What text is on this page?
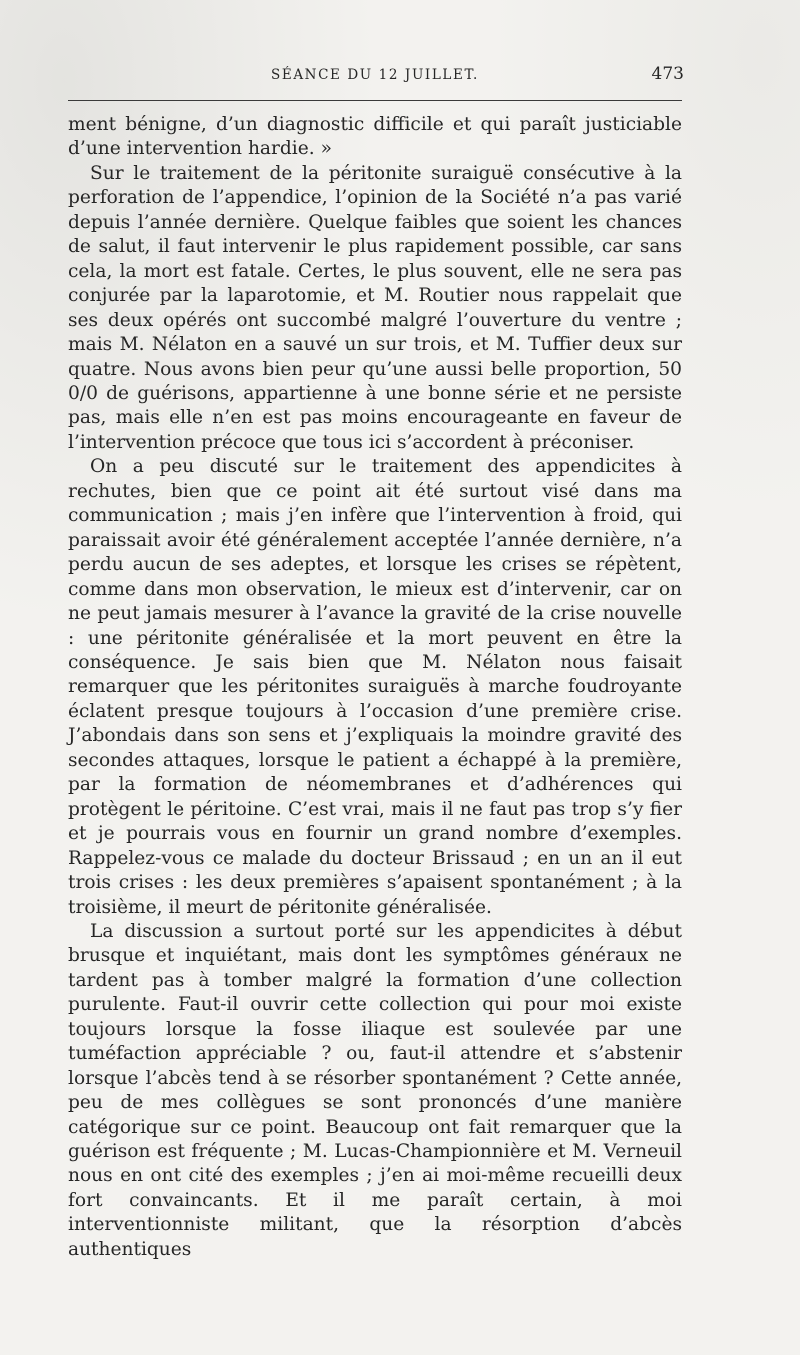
SÉANCE DU 12 JUILLET.	473

ment bénigne, d’un diagnostic difficile et qui paraît justiciable d’une intervention hardie. »

Sur le traitement de la péritonite suraiguë consécutive à la perforation de l’appendice, l’opinion de la Société n’a pas varié depuis l’année dernière. Quelque faibles que soient les chances de salut, il faut intervenir le plus rapidement possible, car sans cela, la mort est fatale. Certes, le plus souvent, elle ne sera pas conjurée par la laparotomie, et M. Routier nous rappelait que ses deux opérés ont succombé malgré l’ouverture du ventre ; mais M. Nélaton en a sauvé un sur trois, et M. Tuffier deux sur quatre. Nous avons bien peur qu’une aussi belle proportion, 50 0/0 de guérisons, appartienne à une bonne série et ne persiste pas, mais elle n’en est pas moins encourageante en faveur de l’intervention précoce que tous ici s’accordent à préconiser.

On a peu discuté sur le traitement des appendicites à rechutes, bien que ce point ait été surtout visé dans ma communication ; mais j’en infère que l’intervention à froid, qui paraissait avoir été généralement acceptée l’année dernière, n’a perdu aucun de ses adeptes, et lorsque les crises se répètent, comme dans mon observation, le mieux est d’intervenir, car on ne peut jamais mesurer à l’avance la gravité de la crise nouvelle : une péritonite généralisée et la mort peuvent en être la conséquence. Je sais bien que M. Nélaton nous faisait remarquer que les péritonites suraiguës à marche foudroyante éclatent presque toujours à l’occasion d’une première crise. J’abondais dans son sens et j’expliquais la moindre gravité des secondes attaques, lorsque le patient a échappé à la première, par la formation de néomembranes et d’adhérences qui protègent le péritoine. C’est vrai, mais il ne faut pas trop s’y fier et je pourrais vous en fournir un grand nombre d’exemples. Rappelez-vous ce malade du docteur Brissaud ; en un an il eut trois crises : les deux premières s’apaisent spontanément ; à la troisième, il meurt de péritonite généralisée.

La discussion a surtout porté sur les appendicites à début brusque et inquiétant, mais dont les symptômes généraux ne tardent pas à tomber malgré la formation d’une collection purulente. Faut-il ouvrir cette collection qui pour moi existe toujours lorsque la fosse iliaque est soulevée par une tuméfaction appréciable ? ou, faut-il attendre et s’abstenir lorsque l’abcès tend à se résorber spontanément ? Cette année, peu de mes collègues se sont prononcés d’une manière catégorique sur ce point. Beaucoup ont fait remarquer que la guérison est fréquente ; M. Lucas-Championnière et M. Verneuil nous en ont cité des exemples ; j’en ai moi-même recueilli deux fort convaincants. Et il me paraît certain, à moi interventionniste militant, que la résorption d’abcès authentiques
